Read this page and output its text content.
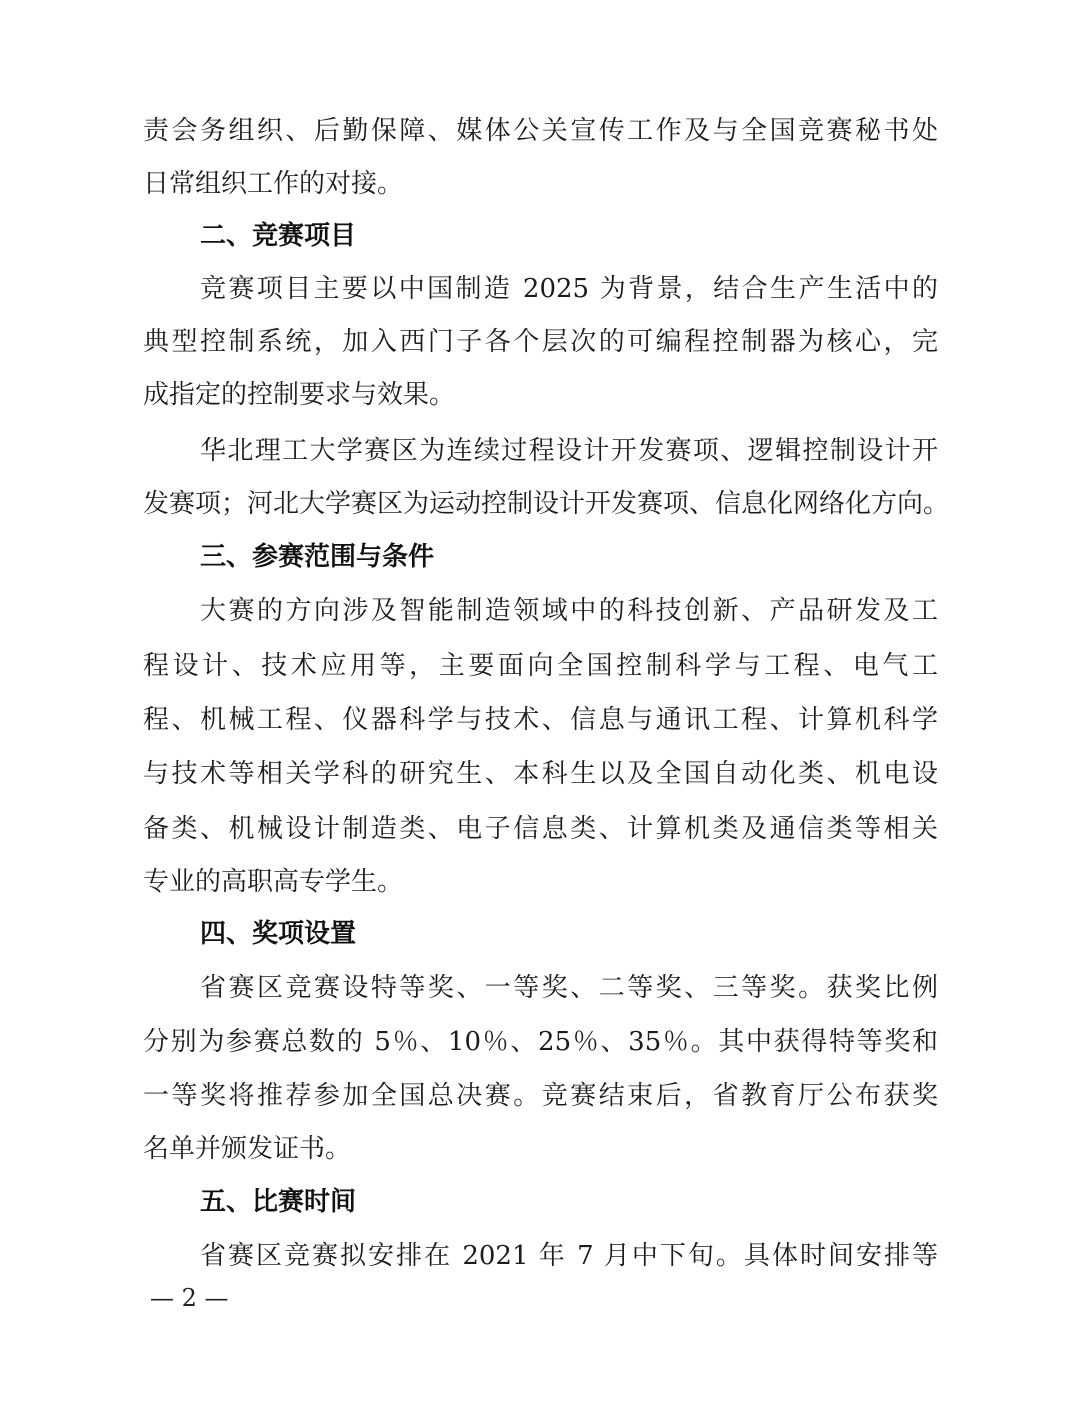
责会务组织、后勤保障、媒体公关宣传工作及与全国竞赛秘书处
日常组织工作的对接。
二、竞赛项目
竞赛项目主要以中国制造 2025 为背景，结合生产生活中的
典型控制系统，加入西门子各个层次的可编程控制器为核心，完
成指定的控制要求与效果。
华北理工大学赛区为连续过程设计开发赛项、逻辑控制设计开
发赛项；河北大学赛区为运动控制设计开发赛项、信息化网络化方向。
三、参赛范围与条件
大赛的方向涉及智能制造领域中的科技创新、产品研发及工
程设计、技术应用等，主要面向全国控制科学与工程、电气工
程、机械工程、仪器科学与技术、信息与通讯工程、计算机科学
与技术等相关学科的研究生、本科生以及全国自动化类、机电设
备类、机械设计制造类、电子信息类、计算机类及通信类等相关
专业的高职高专学生。
四、奖项设置
省赛区竞赛设特等奖、一等奖、二等奖、三等奖。获奖比例
分别为参赛总数的 5％、10％、25％、35％。其中获得特等奖和
一等奖将推荐参加全国总决赛。竞赛结束后，省教育厅公布获奖
名单并颁发证书。
五、比赛时间
省赛区竞赛拟安排在 2021 年 7 月中下旬。具体时间安排等
— 2 —
